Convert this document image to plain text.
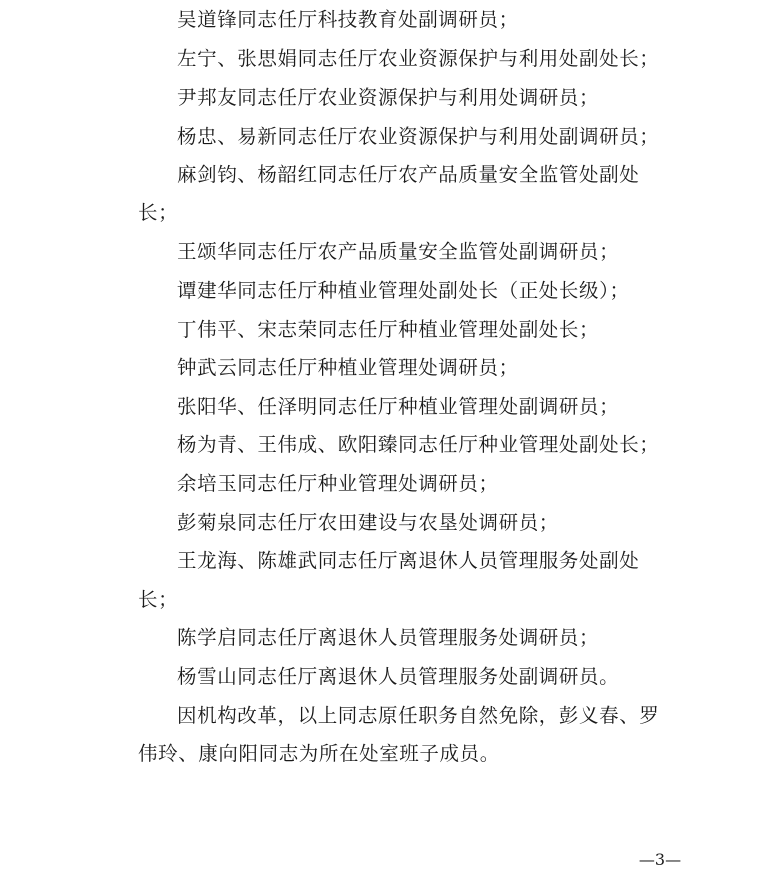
吴道锋同志任厅科技教育处副调研员；
左宁、张思娟同志任厅农业资源保护与利用处副处长；
尹邦友同志任厅农业资源保护与利用处调研员；
杨忠、易新同志任厅农业资源保护与利用处副调研员；
麻剑钧、杨韶红同志任厅农产品质量安全监管处副处
长；
王颂华同志任厅农产品质量安全监管处副调研员；
谭建华同志任厅种植业管理处副处长（正处长级）；
丁伟平、宋志荣同志任厅种植业管理处副处长；
钟武云同志任厅种植业管理处调研员；
张阳华、任泽明同志任厅种植业管理处副调研员；
杨为青、王伟成、欧阳臻同志任厅种业管理处副处长；
余培玉同志任厅种业管理处调研员；
彭菊泉同志任厅农田建设与农垦处调研员；
王龙海、陈雄武同志任厅离退休人员管理服务处副处
长；
陈学启同志任厅离退休人员管理服务处调研员；
杨雪山同志任厅离退休人员管理服务处副调研员。
因机构改革，以上同志原任职务自然免除，彭义春、罗
伟玲、康向阳同志为所在处室班子成员。
—3—
